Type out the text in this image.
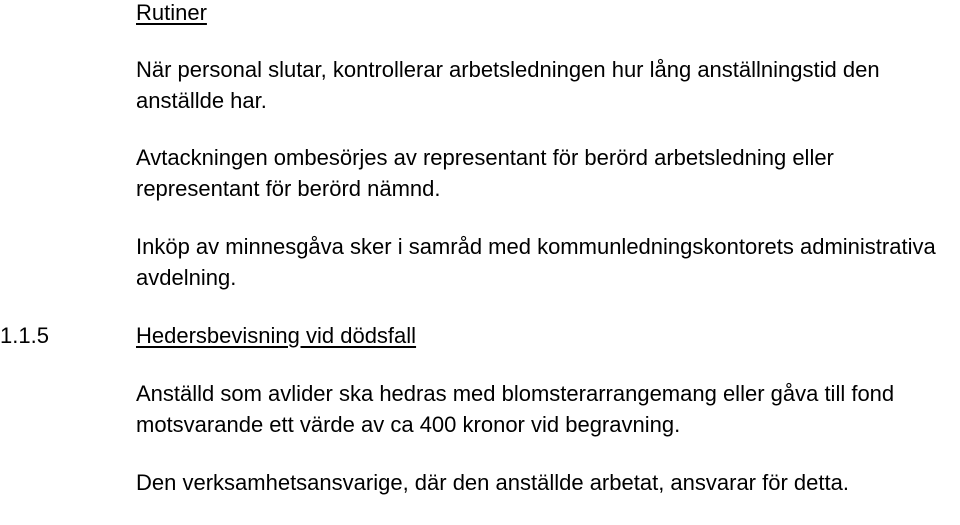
Rutiner

När personal slutar, kontrollerar arbetsledningen hur lång anställningstid den anställde har.

Avtackningen ombesörjes av representant för berörd arbetsledning eller representant för berörd nämnd.

Inköp av minnesgåva sker i samråd med kommunledningskontorets administrativa avdelning.

1.1.5	Hedersbevisning vid dödsfall

Anställd som avlider ska hedras med blomsterarrangemang eller gåva till fond motsvarande ett värde av ca 400 kronor vid begravning.

Den verksamhetsansvarige, där den anställde arbetat, ansvarar för detta.
